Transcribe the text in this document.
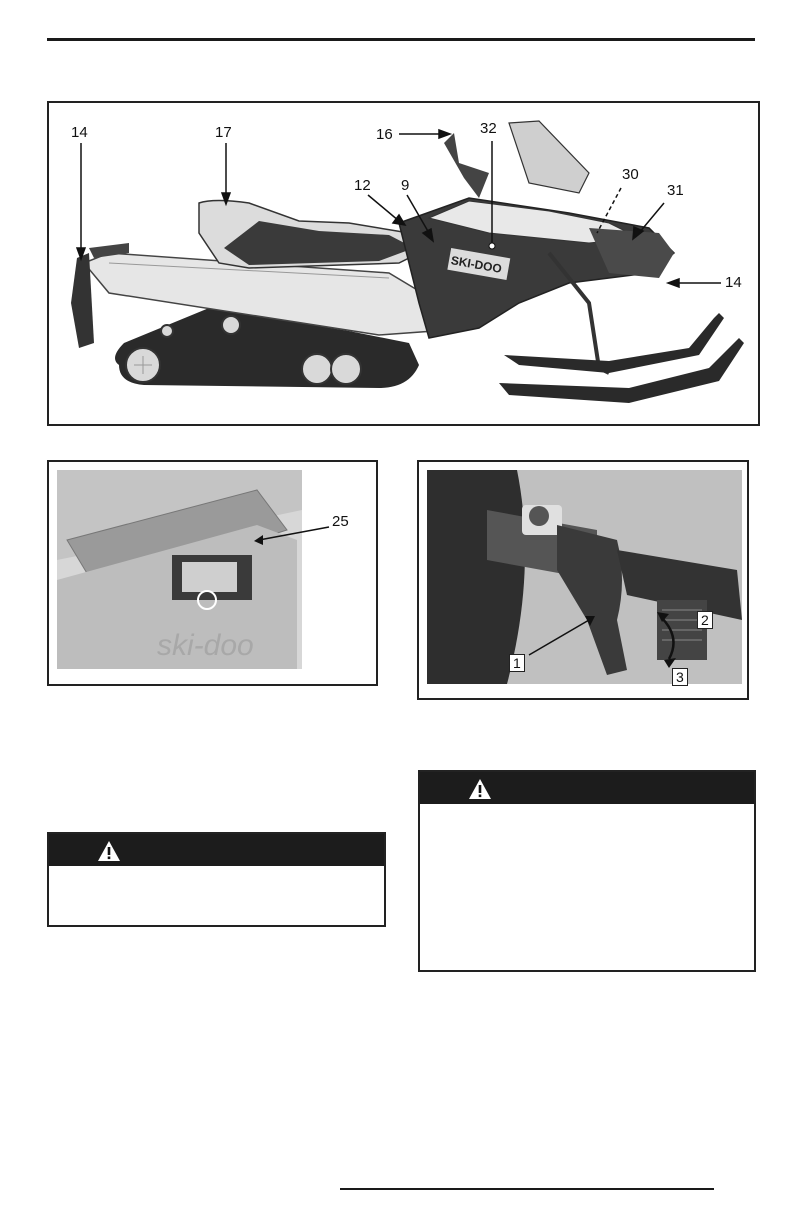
SKI-DOO
14	17	16	32
12 9
30
31
14
ski-doo
25
1
2
3
